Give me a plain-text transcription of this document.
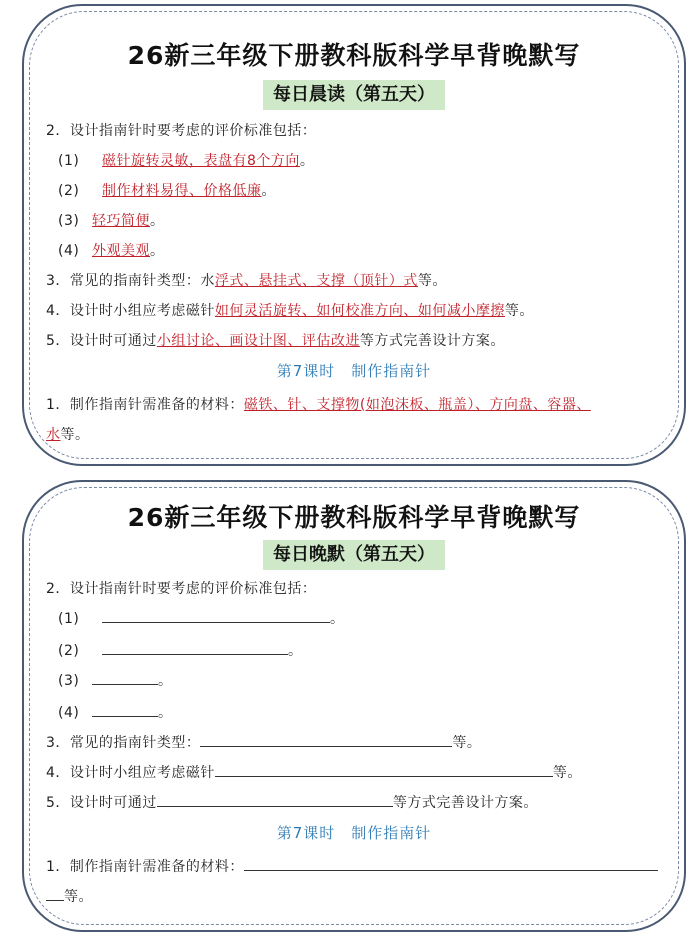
26新三年级下册教科版科学早背晚默写
每日晨读（第五天）
2．设计指南针时要考虑的评价标准包括：
(1) 磁针旋转灵敏，表盘有8个方向。
(2) 制作材料易得、价格低廉。
(3) 轻巧简便。
(4) 外观美观。
3．常见的指南针类型：水浮式、悬挂式、支撑（顶针）式等。
4．设计时小组应考虑磁针如何灵活旋转、如何校准方向、如何减小摩擦等。
5．设计时可通过小组讨论、画设计图、评估改进等方式完善设计方案。
第7课时　制作指南针
1．制作指南针需准备的材料：磁铁、针、支撑物(如泡沫板、瓶盖）、方向盘、容器、
水等。
26新三年级下册教科版科学早背晚默写
每日晚默（第五天）
2．设计指南针时要考虑的评价标准包括：
(1)	。
(2)	。
(3)	。
(4)	。
3．常见的指南针类型：	等。
4．设计时小组应考虑磁针	等。
5．设计时可通过	等方式完善设计方案。
第7课时　制作指南针
1．制作指南针需准备的材料：
等。
